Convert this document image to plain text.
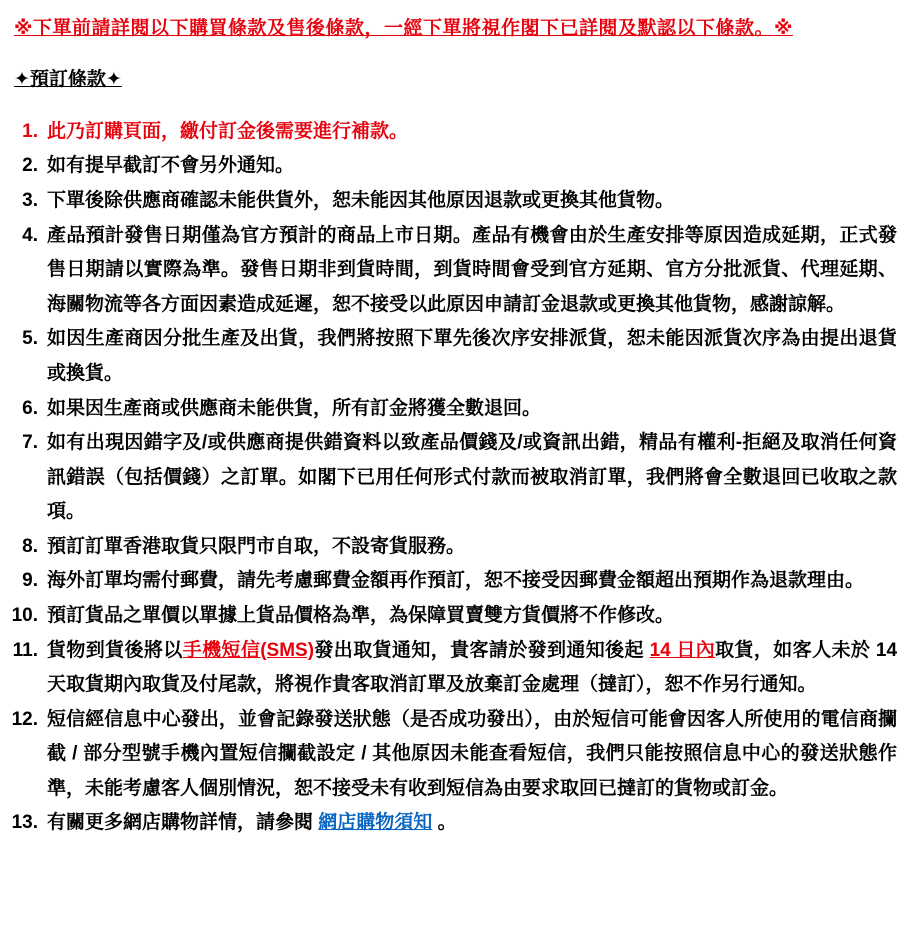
※下單前請詳閱以下購買條款及售後條款，一經下單將視作閣下已詳閱及默認以下條款。※
✦預訂條款✦
1. 此乃訂購頁面，繳付訂金後需要進行補款。
2. 如有提早截訂不會另外通知。
3. 下單後除供應商確認未能供貨外，恕未能因其他原因退款或更換其他貨物。
4. 產品預計發售日期僅為官方預計的商品上市日期。產品有機會由於生產安排等原因造成延期，正式發售日期請以實際為準。發售日期非到貨時間，到貨時間會受到官方延期、官方分批派貨、代理延期、海關物流等各方面因素造成延遲，恕不接受以此原因申請訂金退款或更換其他貨物，感謝諒解。
5. 如因生產商因分批生產及出貨，我們將按照下單先後次序安排派貨，恕未能因派貨次序為由提出退貨或換貨。
6. 如果因生產商或供應商未能供貨，所有訂金將獲全數退回。
7. 如有出現因錯字及/或供應商提供錯資料以致產品價錢及/或資訊出錯，精品有權利-拒絕及取消任何資訊錯誤（包括價錢）之訂單。如閣下已用任何形式付款而被取消訂單，我們將會全數退回已收取之款項。
8. 預訂訂單香港取貨只限門市自取，不設寄貨服務。
9. 海外訂單均需付郵費，請先考慮郵費金額再作預訂，恕不接受因郵費金額超出預期作為退款理由。
10. 預訂貨品之單價以單據上貨品價格為準，為保障買賣雙方貨價將不作修改。
11. 貨物到貨後將以手機短信(SMS)發出取貨通知，貴客請於發到通知後起 14 日內取貨，如客人未於 14 天取貨期內取貨及付尾款，將視作貴客取消訂單及放棄訂金處理（撻訂），恕不作另行通知。
12. 短信經信息中心發出，並會記錄發送狀態（是否成功發出），由於短信可能會因客人所使用的電信商攔截 / 部分型號手機內置短信攔截設定 / 其他原因未能查看短信，我們只能按照信息中心的發送狀態作準，未能考慮客人個別情況，恕不接受未有收到短信為由要求取回已撻訂的貨物或訂金。
13. 有關更多網店購物詳情，請參閱 網店購物須知 。
